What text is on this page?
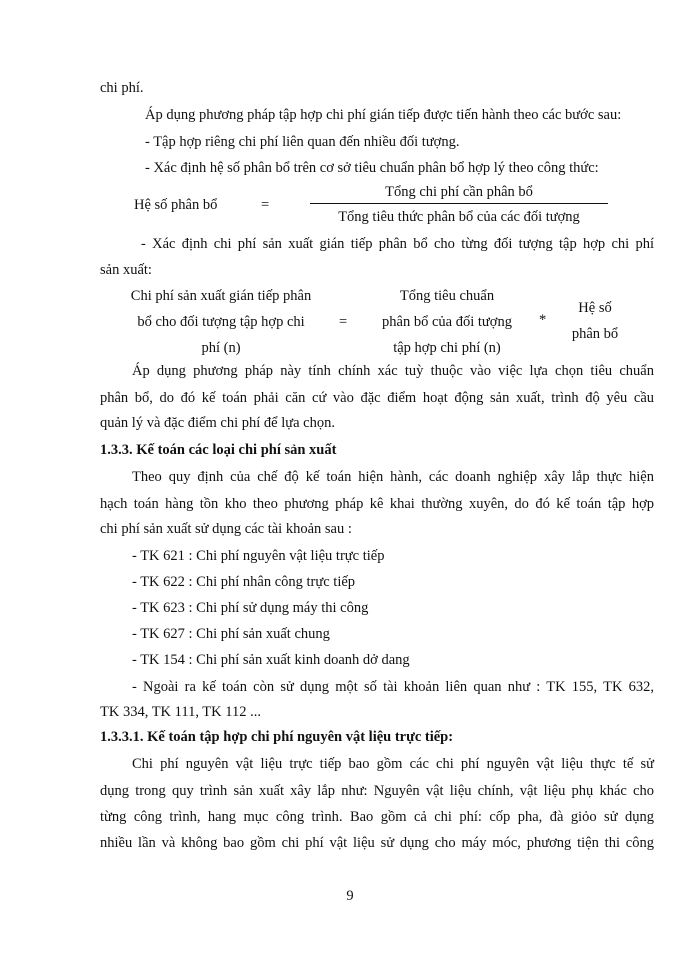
chi phí.
Áp dụng phương pháp tập hợp chi phí gián tiếp được tiến hành theo các bước sau:
- Tập hợp riêng chi phí liên quan đến nhiều đối tượng.
- Xác định hệ số phân bổ trên cơ sở tiêu chuẩn phân bổ hợp lý theo công thức:
Hệ số phân bổ	=
Tổng chi phí cần phân bổ
Tổng tiêu thức phân bổ của các đối tượng
- Xác định chi phí sản xuất gián tiếp phân bổ cho từng đối tượng tập hợp chi phí
sản xuất:
Chi phí sản xuất gián tiếp phân
bổ cho đối tượng tập hợp chi
phí (n)
=
Tổng tiêu chuẩn
phân bổ của đối tượng
tập hợp chi phí (n)
*
Hệ số
phân bổ
Áp dụng phương pháp này tính chính xác tuỳ thuộc vào việc lựa chọn tiêu chuẩn
phân bổ, do đó kế toán phải căn cứ vào đặc điểm hoạt động sản xuất, trình độ yêu cầu
quản lý và đặc điểm chi phí để lựa chọn.
1.3.3. Kế toán các loại chi phí sản xuất
Theo quy định của chế độ kế toán hiện hành, các doanh nghiệp xây lắp thực hiện
hạch toán hàng tồn kho theo phương pháp kê khai thường xuyên, do đó kế toán tập hợp
chi phí sản xuất sử dụng các tài khoản sau :
- TK 621 : Chi phí nguyên vật liệu trực tiếp
- TK 622 : Chi phí nhân công trực tiếp
- TK 623 : Chi phí sử dụng máy thi công
- TK 627 : Chi phí sản xuất chung
- TK 154 : Chi phí sản xuất kinh doanh dở dang
- Ngoài ra kế toán còn sử dụng một số tài khoản liên quan như : TK 155, TK 632,
TK 334, TK 111, TK 112 ...
1.3.3.1. Kế toán tập hợp chi phí nguyên vật liệu trực tiếp:
Chi phí nguyên vật liệu trực tiếp bao gồm các chi phí nguyên vật liệu thực tế sử
dụng trong quy trình sản xuất xây lắp như: Nguyên vật liệu chính, vật liệu phụ khác cho
từng công trình, hang mục công trình. Bao gồm cả chi phí: cốp pha, đà giỏo sử dụng
nhiều lần và không bao gồm chi phí vật liệu sử dụng cho máy móc, phương tiện thi công
9
